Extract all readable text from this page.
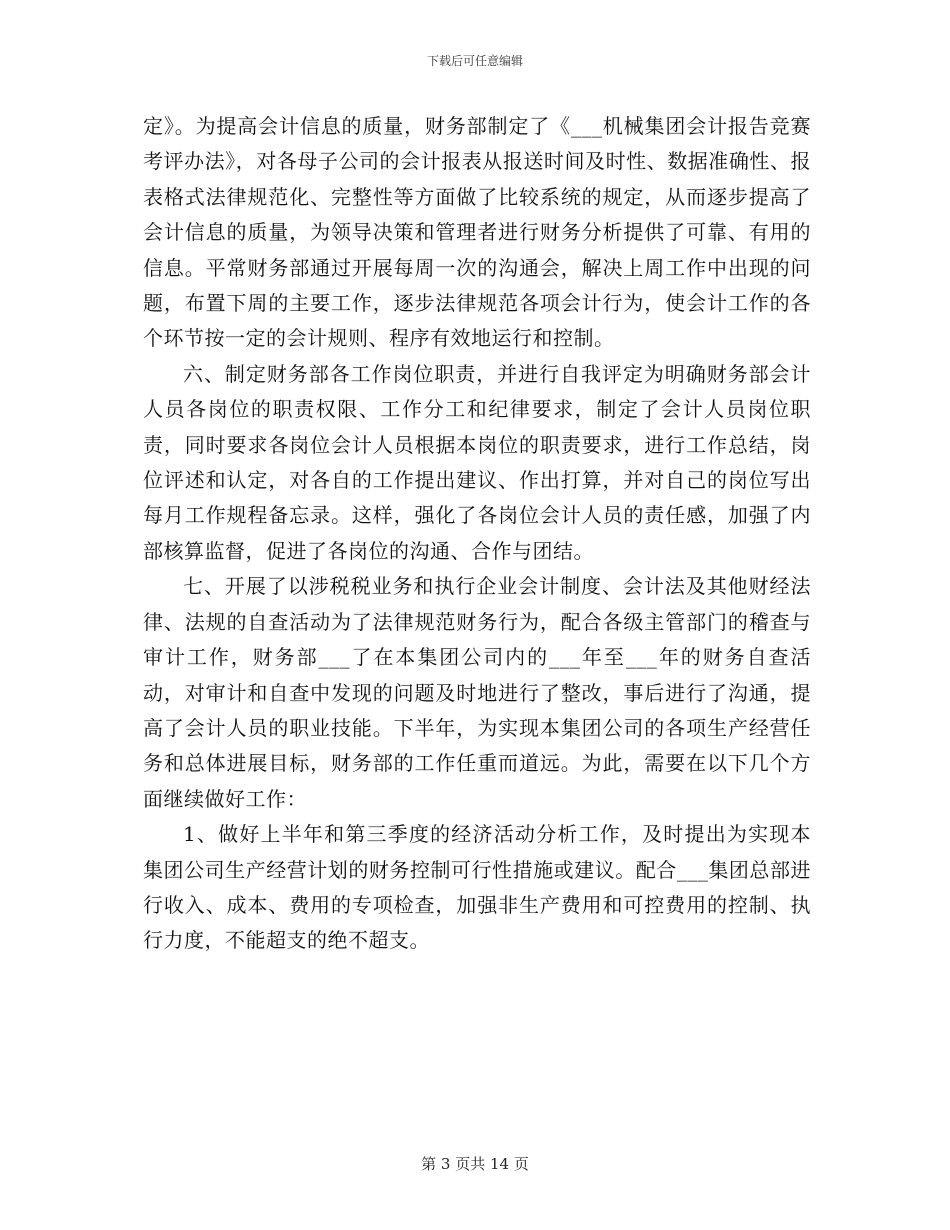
下载后可任意编辑

定》。为提高会计信息的质量，财务部制定了《___机械集团会计报告竞赛考评办法》，对各母子公司的会计报表从报送时间及时性、数据准确性、报表格式法律规范化、完整性等方面做了比较系统的规定，从而逐步提高了会计信息的质量，为领导决策和管理者进行财务分析提供了可靠、有用的信息。平常财务部通过开展每周一次的沟通会，解决上周工作中出现的问题，布置下周的主要工作，逐步法律规范各项会计行为，使会计工作的各个环节按一定的会计规则、程序有效地运行和控制。

六、制定财务部各工作岗位职责，并进行自我评定为明确财务部会计人员各岗位的职责权限、工作分工和纪律要求，制定了会计人员岗位职责，同时要求各岗位会计人员根据本岗位的职责要求，进行工作总结，岗位评述和认定，对各自的工作提出建议、作出打算，并对自己的岗位写出每月工作规程备忘录。这样，强化了各岗位会计人员的责任感，加强了内部核算监督，促进了各岗位的沟通、合作与团结。

七、开展了以涉税税业务和执行企业会计制度、会计法及其他财经法律、法规的自查活动为了法律规范财务行为，配合各级主管部门的稽查与审计工作，财务部___了在本集团公司内的___年至___年的财务自查活动，对审计和自查中发现的问题及时地进行了整改，事后进行了沟通，提高了会计人员的职业技能。下半年，为实现本集团公司的各项生产经营任务和总体进展目标，财务部的工作任重而道远。为此，需要在以下几个方面继续做好工作：

1、做好上半年和第三季度的经济活动分析工作，及时提出为实现本集团公司生产经营计划的财务控制可行性措施或建议。配合___集团总部进行收入、成本、费用的专项检查，加强非生产费用和可控费用的控制、执行力度，不能超支的绝不超支。

第 3 页共 14 页
